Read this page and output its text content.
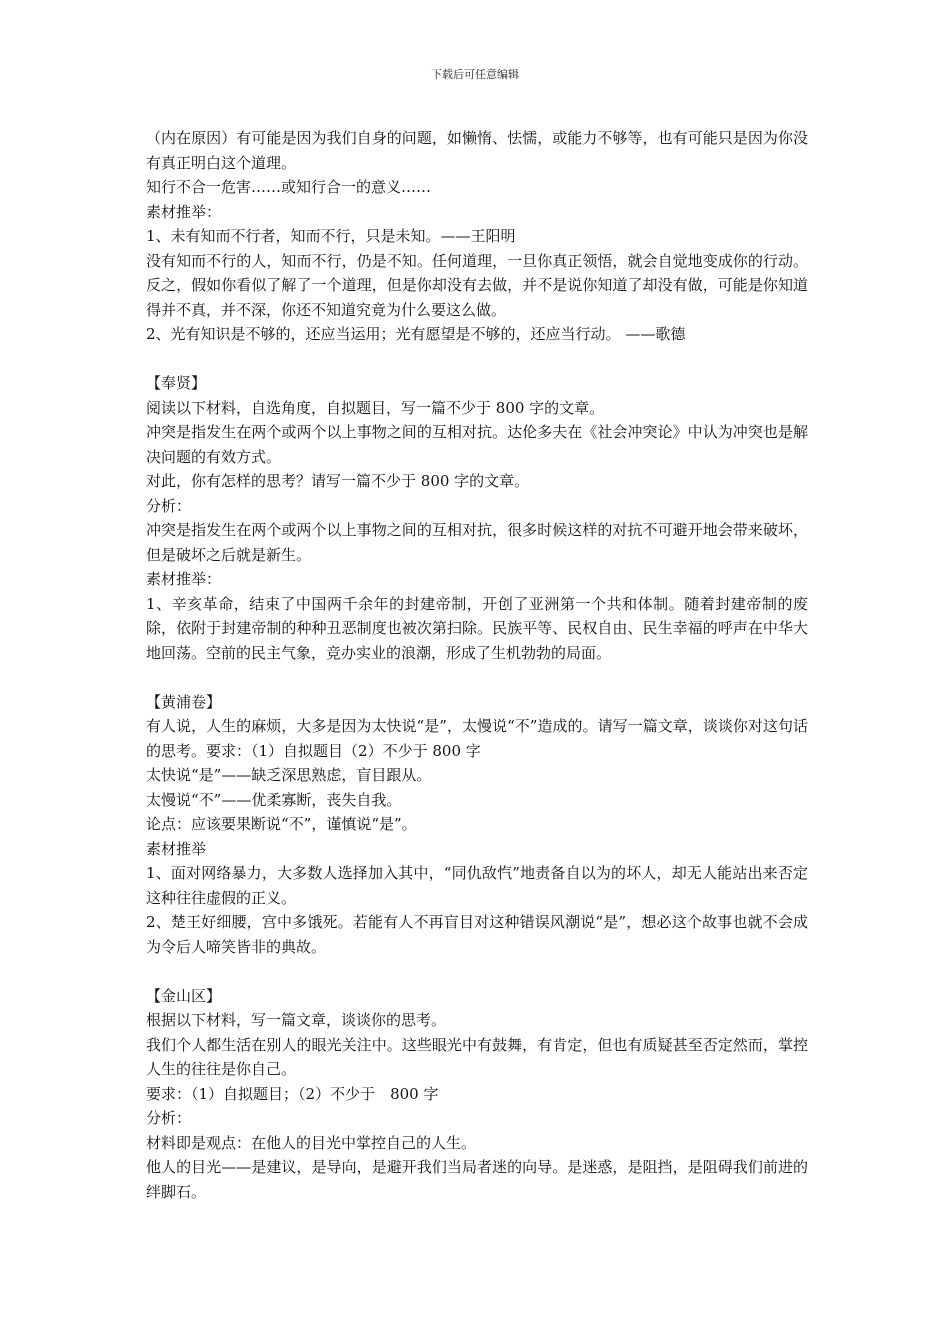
下载后可任意编辑

（内在原因）有可能是因为我们自身的问题，如懒惰、怯懦，或能力不够等，也有可能只是因为你没有真正明白这个道理。

知行不合一危害……或知行合一的意义……

素材推举：

1、未有知而不行者，知而不行，只是未知。——王阳明

没有知而不行的人，知而不行，仍是不知。任何道理，一旦你真正领悟，就会自觉地变成你的行动。反之，假如你看似了解了一个道理，但是你却没有去做，并不是说你知道了却没有做，可能是你知道得并不真，并不深，你还不知道究竟为什么要这么做。

2、光有知识是不够的，还应当运用；光有愿望是不够的，还应当行动。 ——歌德

【奉贤】

阅读以下材料，自选角度，自拟题目，写一篇不少于 800 字的文章。

冲突是指发生在两个或两个以上事物之间的互相对抗。达伦多夫在《社会冲突论》中认为冲突也是解决问题的有效方式。

对此，你有怎样的思考？请写一篇不少于 800 字的文章。

分析：

冲突是指发生在两个或两个以上事物之间的互相对抗，很多时候这样的对抗不可避开地会带来破坏，但是破坏之后就是新生。

素材推举：

1、辛亥革命，结束了中国两千余年的封建帝制，开创了亚洲第一个共和体制。随着封建帝制的废除，依附于封建帝制的种种丑恶制度也被次第扫除。民族平等、民权自由、民生幸福的呼声在中华大地回荡。空前的民主气象，竞办实业的浪潮，形成了生机勃勃的局面。

【黄浦卷】

有人说，人生的麻烦，大多是因为太快说“是”，太慢说“不”造成的。请写一篇文章，谈谈你对这句话的思考。要求：（1）自拟题目（2）不少于 800 字

太快说“是”——缺乏深思熟虑，盲目跟从。

太慢说“不”——优柔寡断，丧失自我。

论点：应该要果断说“不”，谨慎说“是”。

素材推举

1、面对网络暴力，大多数人选择加入其中，“同仇敌忾”地责备自以为的坏人，却无人能站出来否定这种往往虚假的正义。

2、楚王好细腰，宫中多饿死。若能有人不再盲目对这种错误风潮说“是”，想必这个故事也就不会成为令后人啼笑皆非的典故。

【金山区】

根据以下材料，写一篇文章，谈谈你的思考。

我们个人都生活在别人的眼光关注中。这些眼光中有鼓舞，有肯定，但也有质疑甚至否定然而，掌控人生的往往是你自己。

要求：（1）自拟题目；（2）不少于　800 字

分析：

材料即是观点：在他人的目光中掌控自己的人生。

他人的目光——是建议，是导向，是避开我们当局者迷的向导。是迷惑，是阻挡，是阻碍我们前进的绊脚石。
